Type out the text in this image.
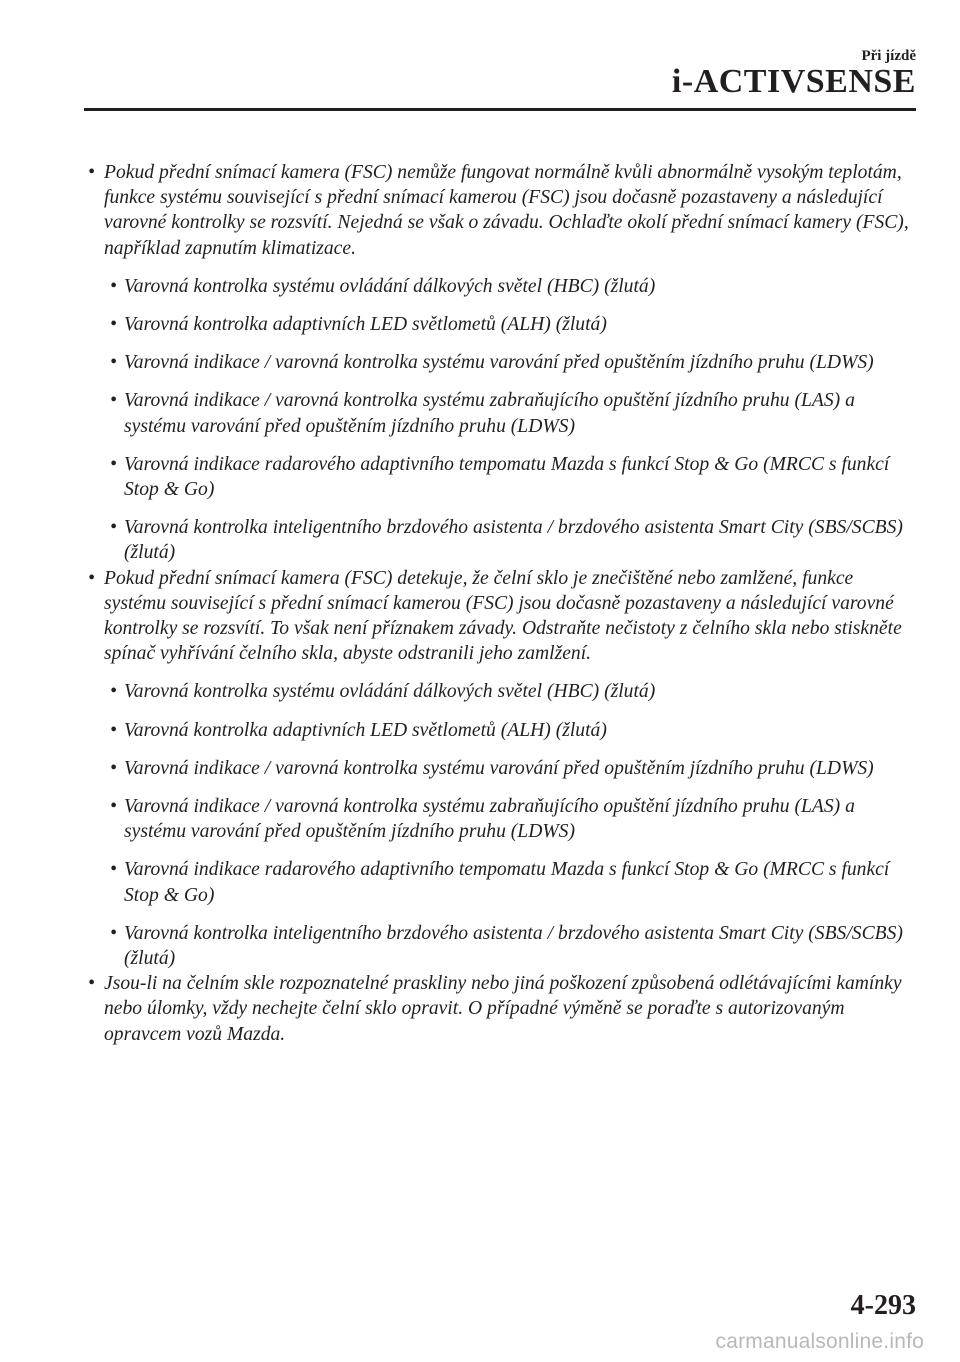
Při jízdě
i-ACTIVSENSE
• Pokud přední snímací kamera (FSC) nemůže fungovat normálně kvůli abnormálně vysokým teplotám, funkce systému související s přední snímací kamerou (FSC) jsou dočasně pozastaveny a následující varovné kontrolky se rozsvítí. Nejedná se však o závadu. Ochlaďte okolí přední snímací kamery (FSC), například zapnutím klimatizace.
• Varovná kontrolka systému ovládání dálkových světel (HBC) (žlutá)
• Varovná kontrolka adaptivních LED světlometů (ALH) (žlutá)
• Varovná indikace / varovná kontrolka systému varování před opuštěním jízdního pruhu (LDWS)
• Varovná indikace / varovná kontrolka systému zabraňujícího opuštění jízdního pruhu (LAS) a systému varování před opuštěním jízdního pruhu (LDWS)
• Varovná indikace radarového adaptivního tempomatu Mazda s funkcí Stop & Go (MRCC s funkcí Stop & Go)
• Varovná kontrolka inteligentního brzdového asistenta / brzdového asistenta Smart City (SBS/SCBS) (žlutá)
• Pokud přední snímací kamera (FSC) detekuje, že čelní sklo je znečištěné nebo zamlžené, funkce systému související s přední snímací kamerou (FSC) jsou dočasně pozastaveny a následující varovné kontrolky se rozsvítí. To však není příznakem závady. Odstraňte nečistoty z čelního skla nebo stiskněte spínač vyhřívání čelního skla, abyste odstranili jeho zamlžení.
• Varovná kontrolka systému ovládání dálkových světel (HBC) (žlutá)
• Varovná kontrolka adaptivních LED světlometů (ALH) (žlutá)
• Varovná indikace / varovná kontrolka systému varování před opuštěním jízdního pruhu (LDWS)
• Varovná indikace / varovná kontrolka systému zabraňujícího opuštění jízdního pruhu (LAS) a systému varování před opuštěním jízdního pruhu (LDWS)
• Varovná indikace radarového adaptivního tempomatu Mazda s funkcí Stop & Go (MRCC s funkcí Stop & Go)
• Varovná kontrolka inteligentního brzdového asistenta / brzdového asistenta Smart City (SBS/SCBS) (žlutá)
• Jsou-li na čelním skle rozpoznatelné praskliny nebo jiná poškození způsobená odlétávajícími kamínky nebo úlomky, vždy nechejte čelní sklo opravit. O případné výměně se poraďte s autorizovaným opravcem vozů Mazda.
4-293
carmanualsonline.info
